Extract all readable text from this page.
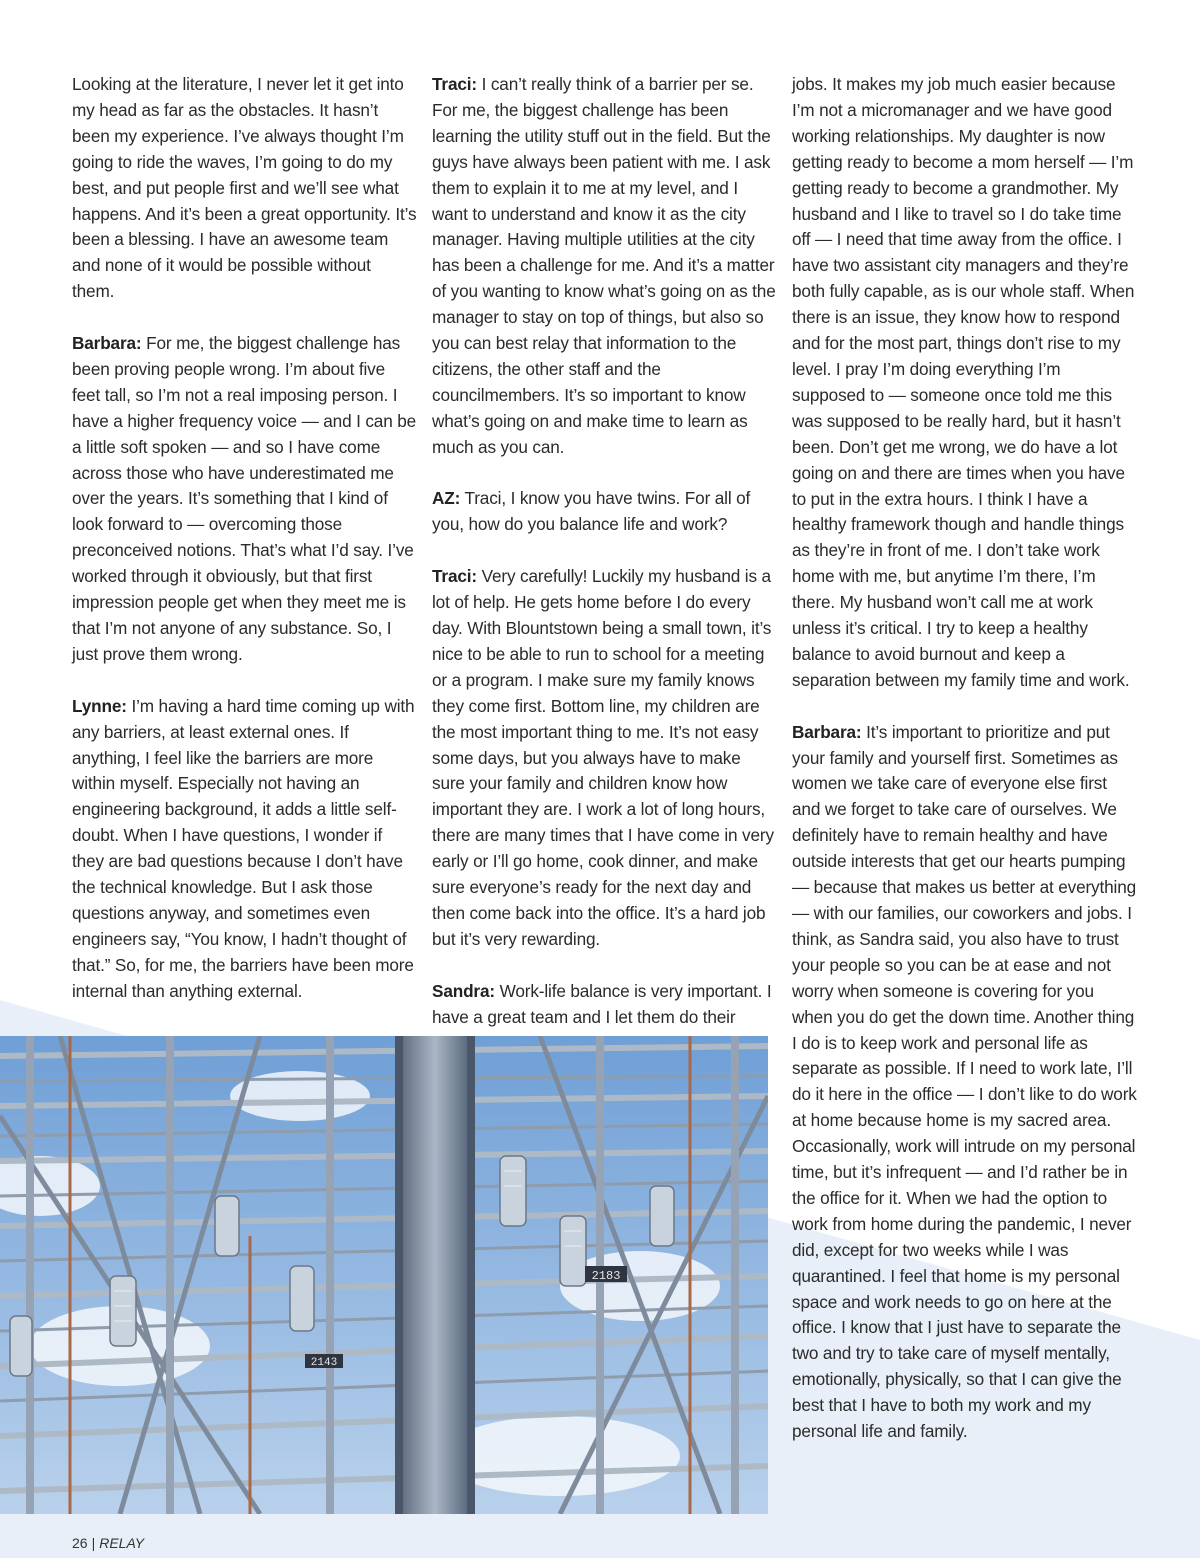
2183
2143

Looking at the literature, I never let it get into my head as far as the obstacles. It hasn’t been my experience. I’ve always thought I’m going to ride the waves, I’m going to do my best, and put people first and we’ll see what happens. And it’s been a great opportunity. It’s been a blessing. I have an awesome team and none of it would be possible without them.

Barbara: For me, the biggest challenge has been proving people wrong. I’m about five feet tall, so I’m not a real imposing person. I have a higher frequency voice — and I can be a little soft spoken — and so I have come across those who have underestimated me over the years. It’s something that I kind of look forward to — overcoming those preconceived notions. That’s what I’d say. I’ve worked through it obviously, but that first impression people get when they meet me is that I’m not anyone of any substance. So, I just prove them wrong.

Lynne: I’m having a hard time coming up with any barriers, at least external ones. If anything, I feel like the barriers are more within myself. Especially not having an engineering background, it adds a little self-doubt. When I have questions, I wonder if they are bad questions because I don’t have the technical knowledge. But I ask those questions anyway, and sometimes even engineers say, “You know, I hadn’t thought of that.” So, for me, the barriers have been more internal than anything external.

Traci: I can’t really think of a barrier per se. For me, the biggest challenge has been learning the utility stuff out in the field. But the guys have always been patient with me. I ask them to explain it to me at my level, and I want to understand and know it as the city manager. Having multiple utilities at the city has been a challenge for me. And it’s a matter of you wanting to know what’s going on as the manager to stay on top of things, but also so you can best relay that information to the citizens, the other staff and the councilmembers. It’s so important to know what’s going on and make time to learn as much as you can.

AZ: Traci, I know you have twins. For all of you, how do you balance life and work?

Traci: Very carefully! Luckily my husband is a lot of help. He gets home before I do every day. With Blountstown being a small town, it’s nice to be able to run to school for a meeting or a program. I make sure my family knows they come first. Bottom line, my children are the most important thing to me. It’s not easy some days, but you always have to make sure your family and children know how important they are. I work a lot of long hours, there are many times that I have come in very early or I’ll go home, cook dinner, and make sure everyone’s ready for the next day and then come back into the office. It’s a hard job but it’s very rewarding.

Sandra: Work-life balance is very important. I have a great team and I let them do their

jobs. It makes my job much easier because I’m not a micromanager and we have good working relationships. My daughter is now getting ready to become a mom herself — I’m getting ready to become a grandmother. My husband and I like to travel so I do take time off — I need that time away from the office. I have two assistant city managers and they’re both fully capable, as is our whole staff. When there is an issue, they know how to respond and for the most part, things don’t rise to my level. I pray I’m doing everything I’m supposed to — someone once told me this was supposed to be really hard, but it hasn’t been. Don’t get me wrong, we do have a lot going on and there are times when you have to put in the extra hours. I think I have a healthy framework though and handle things as they’re in front of me. I don’t take work home with me, but anytime I’m there, I’m there. My husband won’t call me at work unless it’s critical. I try to keep a healthy balance to avoid burnout and keep a separation between my family time and work.

Barbara: It’s important to prioritize and put your family and yourself first. Sometimes as women we take care of everyone else first and we forget to take care of ourselves. We definitely have to remain healthy and have outside interests that get our hearts pumping — because that makes us better at everything — with our families, our coworkers and jobs. I think, as Sandra said, you also have to trust your people so you can be at ease and not worry when someone is covering for you when you do get the down time. Another thing I do is to keep work and personal life as separate as possible. If I need to work late, I’ll do it here in the office — I don’t like to do work at home because home is my sacred area. Occasionally, work will intrude on my personal time, but it’s infrequent — and I’d rather be in the office for it. When we had the option to work from home during the pandemic, I never did, except for two weeks while I was quarantined. I feel that home is my personal space and work needs to go on here at the office. I know that I just have to separate the two and try to take care of myself mentally, emotionally, physically, so that I can give the best that I have to both my work and my personal life and family.

26 | RELAY
